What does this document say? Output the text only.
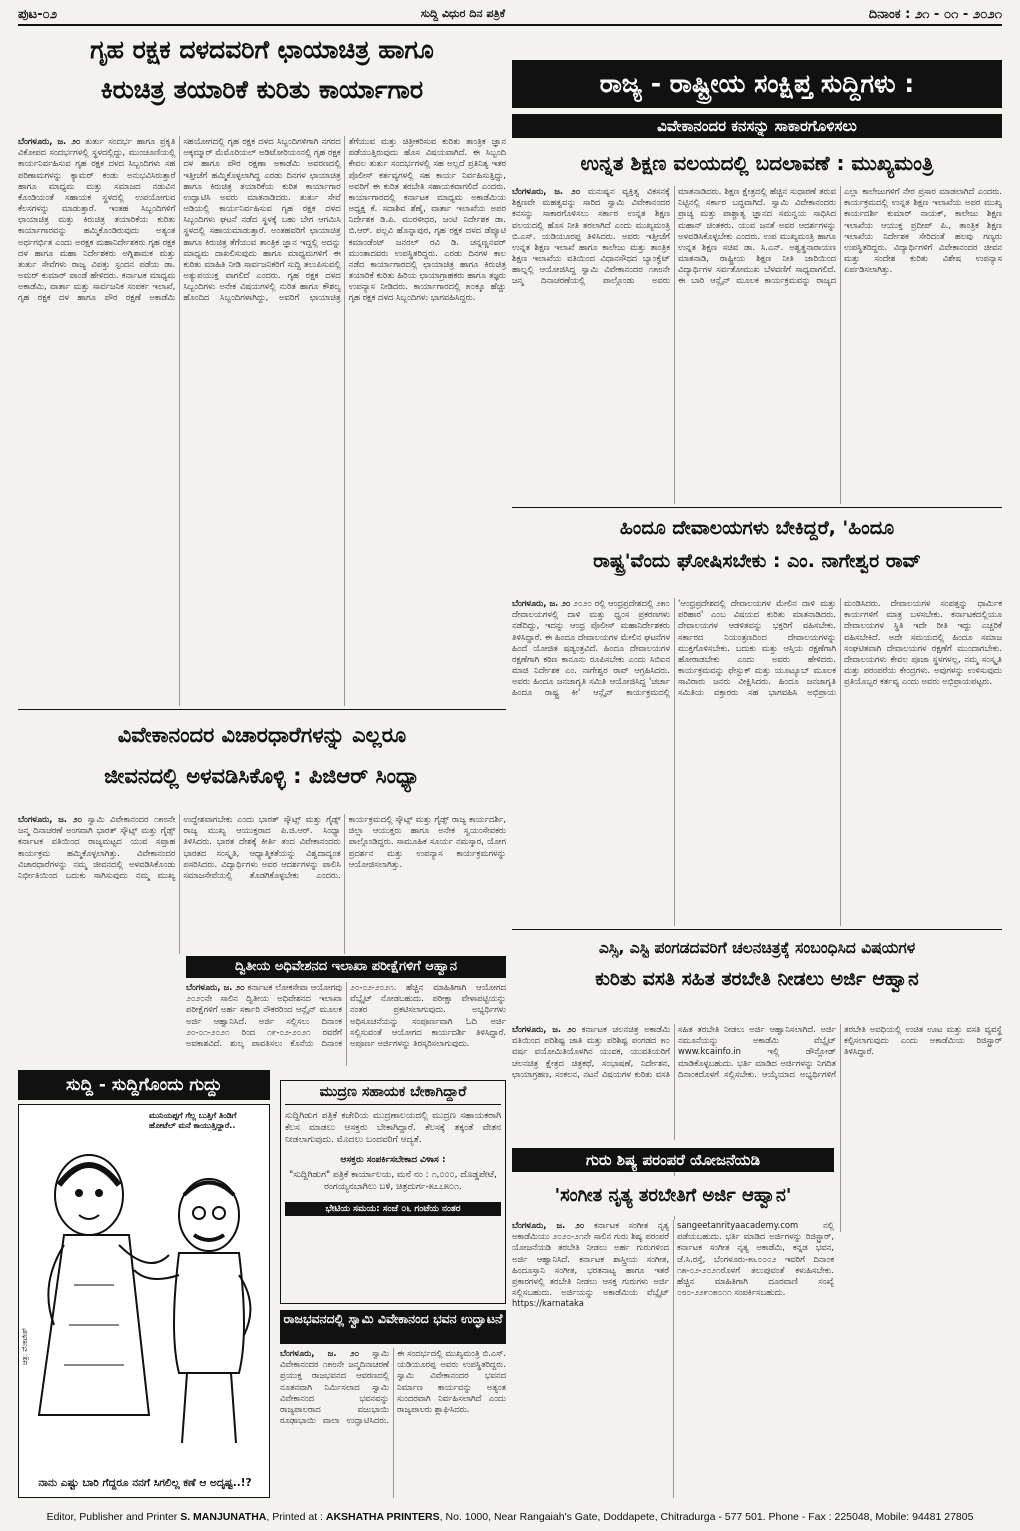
ಪುಟ-೦೨	ಸುದ್ದಿ ವಿಧುರ ದಿನ ಪತ್ರಿಕೆ	ದಿನಾಂಕ : ೨೧ - ೦೧ - ೨೦೨೧
ಗೃಹ ರಕ್ಷಕ ದಳದವರಿಗೆ ಛಾಯಾಚಿತ್ರ ಹಾಗೂ
ಕಿರುಚಿತ್ರ ತಯಾರಿಕೆ ಕುರಿತು ಕಾರ್ಯಾಗಾರ
ಬೆಂಗಳೂರು, ಜ. ೨೦ ತುರ್ತು ಸಂದರ್ಭ ಹಾಗೂ ಪ್ರಕೃತಿ ವಿಕೋಪದ ಸಂದರ್ಭಗಳಲ್ಲಿ ಸ್ಥಳದಲ್ಲಿದ್ದು, ಮುಂಚೂಣಿಯಲ್ಲಿ ಕಾರ್ಯನಿರ್ವಹಿಸುವ ಗೃಹ ರಕ್ಷಕ ದಳದ ಸಿಬ್ಬಂದಿಗಳು ಸಹ ಪರಿಣಾಮಗಳನ್ನು ಕ್ಯಾಮರ್ ಕಂಡು ಅನುಭವಿಸಿರುತ್ತಾರೆ ಹಾಗೂ ಮಾಧ್ಯಮ ಮತ್ತು ಸಮಾಜದ ನಡುವಿನ ಕೊಂಡಿಯಂತೆ ಸಹಾಯಕ ಸ್ಥಳದಲ್ಲಿ ಉಪಯೋಗುವ ಕೆಲಸಗಳನ್ನು ಮಾಡುತ್ತಾರೆ. ಇಂತಹ ಸಿಬ್ಬಂದಿಗಳಿಗೆ ಛಾಯಾಚಿತ್ರ ಮತ್ತು ಕಿರುಚಿತ್ರ ತಯಾರಿಕೆಯ ಕುರಿತು ಕಾರ್ಯಾಗಾರವನ್ನು ಹಮ್ಮಿಕೊಂಡಿರುವುದು ಅತ್ಯಂತ ಅರ್ಥಗರ್ಭಿತ ಎಂದು ಅರಕ್ಷಕ ಮಹಾನಿರ್ದೇಶಕರು ಗೃಹ ರಕ್ಷಕ ದಳ ಹಾಗೂ ಮಹಾ ನಿರ್ದೇಶಕರು ಅಗ್ನಿಶಾಮಕ ಮತ್ತು ತುರ್ತು ಸೇವೆಗಳು ರಾಜ್ಯ ವಿಪತ್ತು ಸ್ಪಂದನ ಪಡೆಯ ಡಾ. ಅಮರ್ ಕುಮಾರ್ ಪಾಂಡೆ ಹೇಳಿದರು. ಕರ್ನಾಟಕ ಮಾಧ್ಯಮ ಅಕಾಡೆಮಿ, ವಾರ್ತಾ ಮತ್ತು ಸಾರ್ವಜನಿಕ ಸಂಪರ್ಕ ಇಲಾಖೆ, ಗೃಹ ರಕ್ಷಕ ದಳ ಹಾಗೂ ಪೌರ ರಕ್ಷಣೆ ಅಕಾಡೆಮಿ ಸಹಯೋಗದಲ್ಲಿ ಗೃಹ ರಕ್ಷಕ ದಳದ ಸಿಬ್ಬಂದಿಗಳಿಗಾಗಿ ನಗರದ ಅಕ್ಕಮ್ಮಾರ್ ಮೆಮೊರಿಯಲ್ ಅಡಿಟೋರಿಯಂನಲ್ಲಿ ಗೃಹ ರಕ್ಷಕ ದಳ ಹಾಗೂ ಪೌರ ರಕ್ಷಣಾ ಅಕಾಡೆಮಿ ಅವರಣದಲ್ಲಿ ಇತ್ತೀಚೆಗೆ ಹಮ್ಮಿಕೊಳ್ಳಲಾಗಿದ್ದ ಎರಡು ದಿನಗಳ ಛಾಯಾಚಿತ್ರ ಹಾಗೂ ಕಿರುಚಿತ್ರ ತಯಾರಿಕೆಯ ಕುರಿತ ಕಾರ್ಯಾಗಾರ ಉದ್ಘಾಟಿಸಿ ಅವರು ಮಾತನಾಡಿದರು. ತುರ್ತು ಸೇವೆ ಅಡಿಯಲ್ಲಿ ಕಾರ್ಯನಿರ್ವಹಿಸುವ ಗೃಹ ರಕ್ಷಕ ದಳದ ಸಿಬ್ಬಂದಿಗಳು ಘಟನೆ ನಡೆದ ಸ್ಥಳಕ್ಕೆ ಬಹು ಬೇಗ ಆಗಮಿಸಿ ಸ್ಥಳದಲ್ಲಿ ಸಹಾಯಮಾಡುತ್ತಾರೆ. ಅಂತಹವರಿಗೆ ಛಾಯಾಚಿತ್ರ ಹಾಗೂ ಕಿರುಚಿತ್ರ ತೆಗೆಯುವ ತಾಂತ್ರಿಕ ಜ್ಞಾನ ಇದ್ದಲ್ಲಿ ಅದನ್ನು ಮಾಧ್ಯಮ ದಾಖಲಿಸುವುದು ಹಾಗೂ ಮಾಧ್ಯಮಗಳಿಗೆ ಈ ಕುರಿತು ಮಾಹಿತಿ ನೀಡಿ ಸಾರ್ವಜನಿಕರಿಗೆ ಸುದ್ದಿ ತಲುಪಿಸುವಲ್ಲಿ ಅತ್ಯುಪಯುಕ್ತ ವಾಗಲಿದೆ ಎಂದರು. ಗೃಹ ರಕ್ಷಕ ದಳದ ಸಿಬ್ಬಂದಿಗಳು ಅನೇಕ ವಿಷಯಗಳಲ್ಲಿ ನುರಿತ ಹಾಗೂ ಕೌಶಲ್ಯ ಹೊಂದಿದ ಸಿಬ್ಬಂದಿಗಳಾಗಿದ್ದು, ಅವರಿಗೆ ಛಾಯಾಚಿತ್ರ ತೆಗೆಯುವ ಮತ್ತು ಚಿತ್ರೀಕರಿಸುವ ಕುರಿತು ತಾಂತ್ರಿಕ ಜ್ಞಾನ ಪಡೆಯುತ್ತಿರುವುದು ಹೊಸ ವಿಷಯವಾಗಿದೆ. ಈ ಸಿಬ್ಬಂದಿ ಕೇವಲ ತುರ್ತು ಸಂದರ್ಭಗಳಲ್ಲಿ ಸಹ ಅಲ್ಲದೆ ಪ್ರತಿನಿತ್ಯ ಇತರ ಪೊಲೀಸ್ ಕರ್ತವ್ಯಗಳಲ್ಲಿ ಸಹ ಕಾರ್ಯ ನಿರ್ವಹಿಸುತ್ತಿದ್ದು, ಅವರಿಗೆ ಈ ಕುರಿತ ತರಬೇತಿ ಸಹಾಯಕವಾಗಲಿದೆ ಎಂದರು. ಕಾರ್ಯಾಗಾರದಲ್ಲಿ ಕರ್ನಾಟಕ ಮಾಧ್ಯಮ ಅಕಾಡೆಮಿಯ ಅಧ್ಯಕ್ಷ ಕೆ. ಸದಾಶಿವ ಶೆಣೈ, ವಾರ್ತಾ ಇಲಾಖೆಯ ಅಪರ ನಿರ್ದೇಶಕ ಡಿ.ಪಿ. ಮುರಳೀಧರ, ಜಂಟಿ ನಿರ್ದೇಶಕ ಡಾ. ಬಿ.ಆರ್. ಪಲ್ಲವಿ ಹೊನ್ನಾಪುರ, ಗೃಹ ರಕ್ಷಕ ದಳದ ಡೆಪ್ಯೂಟಿ ಕಮಾಂಡೆಂಟ್ ಜನರಲ್ ರವಿ ಡಿ. ಚನ್ನಣ್ಣನವರ್ ಮುಂತಾದವರು ಉಪಸ್ಥಿತರಿದ್ದರು. ಎರಡು ದಿನಗಳ ಕಾಲ ನಡೆದ ಕಾರ್ಯಾಗಾರದಲ್ಲಿ ಛಾಯಾಚಿತ್ರ ಹಾಗೂ ಕಿರುಚಿತ್ರ ತಯಾರಿಕೆ ಕುರಿತು ಹಿರಿಯ ಛಾಯಾಗ್ರಾಹಕರು ಹಾಗೂ ತಜ್ಞರು ಉಪನ್ಯಾಸ ನೀಡಿದರು. ಕಾರ್ಯಾಗಾರದಲ್ಲಿ ೫೦ಕ್ಕೂ ಹೆಚ್ಚು ಗೃಹ ರಕ್ಷಕ ದಳದ ಸಿಬ್ಬಂದಿಗಳು ಭಾಗವಹಿಸಿದ್ದರು.
ರಾಜ್ಯ - ರಾಷ್ಟ್ರೀಯ ಸಂಕ್ಷಿಪ್ತ ಸುದ್ದಿಗಳು :
ವಿವೇಕಾನಂದರ ಕನಸನ್ನು ಸಾಕಾರಗೊಳಿಸಲು
ಉನ್ನತ ಶಿಕ್ಷಣ ವಲಯದಲ್ಲಿ ಬದಲಾವಣೆ : ಮುಖ್ಯಮಂತ್ರಿ
ಬೆಂಗಳೂರು, ಜ. ೨೦ ಮನುಷ್ಯನ ವ್ಯಕ್ತಿತ್ವ ವಿಕಸನಕ್ಕೆ ಶಿಕ್ಷಣವೇ ಮಹತ್ವವನ್ನು ಸಾರಿದ ಸ್ವಾಮಿ ವಿವೇಕಾನಂದರ ಕನಸನ್ನು ಸಾಕಾರಗೊಳಿಸಲು ಸರ್ಕಾರ ಉನ್ನತ ಶಿಕ್ಷಣ ವಲಯದಲ್ಲಿ ಹೊಸ ನೀತಿ ತರಲಾಗಿದೆ ಎಂದು ಮುಖ್ಯಮಂತ್ರಿ ಬಿ.ಎಸ್. ಯಡಿಯೂರಪ್ಪ ತಿಳಿಸಿದರು. ಅವರು ಇತ್ತೀಚೆಗೆ ಉನ್ನತ ಶಿಕ್ಷಣ ಇಲಾಖೆ ಹಾಗೂ ಕಾಲೇಜು ಮತ್ತು ತಾಂತ್ರಿಕ ಶಿಕ್ಷಣ ಇಲಾಖೆಯ ವತಿಯಿಂದ ವಿಧಾನಸೌಧದ ಬ್ಯಾಂಕ್ವೆಟ್ ಹಾಲ್ನಲ್ಲಿ ಆಯೋಜಿಸಿದ್ದ ಸ್ವಾಮಿ ವಿವೇಕಾನಂದರ ೧೫೮ನೇ ಜನ್ಮ ದಿನಾಚರಣೆಯಲ್ಲಿ ಪಾಲ್ಗೊಂಡು ಅವರು ಮಾತನಾಡಿದರು. ಶಿಕ್ಷಣ ಕ್ಷೇತ್ರದಲ್ಲಿ ಹೆಚ್ಚಿನ ಸುಧಾರಣೆ ತರುವ ನಿಟ್ಟಿನಲ್ಲಿ ಸರ್ಕಾರ ಬದ್ಧವಾಗಿದೆ. ಸ್ವಾಮಿ ವಿವೇಕಾನಂದರು ಪ್ರಾಚ್ಯ ಮತ್ತು ಪಾಶ್ಚಾತ್ಯ ಜ್ಞಾನದ ಸಮನ್ವಯ ಸಾಧಿಸಿದ ಮಹಾನ್ ಚಿಂತಕರು. ಯುವ ಜನತೆ ಅವರ ಆದರ್ಶಗಳನ್ನು ಅಳವಡಿಸಿಕೊಳ್ಳಬೇಕು ಎಂದರು. ಉಪ ಮುಖ್ಯಮಂತ್ರಿ ಹಾಗೂ ಉನ್ನತ ಶಿಕ್ಷಣ ಸಚಿವ ಡಾ. ಸಿ.ಎನ್. ಅಶ್ವತ್ಥನಾರಾಯಣ ಮಾತನಾಡಿ, ರಾಷ್ಟ್ರೀಯ ಶಿಕ್ಷಣ ನೀತಿ ಜಾರಿಯಿಂದ ವಿದ್ಯಾರ್ಥಿಗಳ ಸರ್ವತೋಮುಖ ಬೆಳವಣಿಗೆ ಸಾಧ್ಯವಾಗಲಿದೆ. ಈ ಬಾರಿ ಆನ್ಲೈನ್ ಮೂಲಕ ಕಾರ್ಯಕ್ರಮವನ್ನು ರಾಜ್ಯದ ಎಲ್ಲಾ ಕಾಲೇಜುಗಳಿಗೆ ನೇರ ಪ್ರಸಾರ ಮಾಡಲಾಗಿದೆ ಎಂದರು. ಕಾರ್ಯಕ್ರಮದಲ್ಲಿ ಉನ್ನತ ಶಿಕ್ಷಣ ಇಲಾಖೆಯ ಅಪರ ಮುಖ್ಯ ಕಾರ್ಯದರ್ಶಿ ಕುಮಾರ್ ನಾಯಕ್, ಕಾಲೇಜು ಶಿಕ್ಷಣ ಇಲಾಖೆಯ ಆಯುಕ್ತ ಪ್ರದೀಪ್ ಪಿ., ತಾಂತ್ರಿಕ ಶಿಕ್ಷಣ ಇಲಾಖೆಯ ನಿರ್ದೇಶಕ ಸೇರಿದಂತೆ ಹಲವು ಗಣ್ಯರು ಉಪಸ್ಥಿತರಿದ್ದರು. ವಿದ್ಯಾರ್ಥಿಗಳಿಗೆ ವಿವೇಕಾನಂದರ ಜೀವನ ಮತ್ತು ಸಂದೇಶ ಕುರಿತು ವಿಶೇಷ ಉಪನ್ಯಾಸ ಏರ್ಪಡಿಸಲಾಗಿತ್ತು.
ಹಿಂದೂ ದೇವಾಲಯಗಳು ಬೇಕಿದ್ದರೆ, 'ಹಿಂದೂ
ರಾಷ್ಟ್ರ'ವೆಂದು ಘೋಷಿಸಬೇಕು : ಎಂ. ನಾಗೇಶ್ವರ ರಾವ್
ಬೆಂಗಳೂರು, ಜ. ೨೦ ೨೦೨೦ ರಲ್ಲಿ ಆಂಧ್ರಪ್ರದೇಶದಲ್ಲಿ ೨೫೦ ದೇವಾಲಯಗಳಲ್ಲಿ ದಾಳಿ ಮತ್ತು ಧ್ವಂಸ ಪ್ರಕರಣಗಳು ನಡೆದಿದ್ದು, ಇದನ್ನು ಆಂಧ್ರ ಪೊಲೀಸ್ ಮಹಾನಿರ್ದೇಶಕರು ತಿಳಿಸಿದ್ದಾರೆ. ಈ ಹಿಂದೂ ದೇವಾಲಯಗಳ ಮೇಲಿನ ಘಟನೆಗಳ ಹಿಂದೆ ಯೋಜಿತ ಷಡ್ಯಂತ್ರವಿದೆ. ಹಿಂದೂ ದೇವಾಲಯಗಳ ರಕ್ಷಣೆಗಾಗಿ ಕಠಿಣ ಕಾನೂನು ರೂಪಿಸಬೇಕು ಎಂದು ಸಿಬಿಐನ ಮಾಜಿ ನಿರ್ದೇಶಕ ಎಂ. ನಾಗೇಶ್ವರ ರಾವ್ ಆಗ್ರಹಿಸಿದರು. ಅವರು ಹಿಂದೂ ಜನಜಾಗೃತಿ ಸಮಿತಿ ಆಯೋಜಿಸಿದ್ದ 'ಚರ್ಚಾ ಹಿಂದೂ ರಾಷ್ಟ್ರ ಕೀ' ಆನ್ಲೈನ್ ಕಾರ್ಯಕ್ರಮದಲ್ಲಿ 'ಆಂಧ್ರಪ್ರದೇಶದಲ್ಲಿ ದೇವಾಲಯಗಳ ಮೇಲಿನ ದಾಳಿ ಮತ್ತು ಪರಿಹಾರ' ಎಂಬ ವಿಷಯದ ಕುರಿತು ಮಾತನಾಡಿದರು. ದೇವಾಲಯಗಳ ಆಡಳಿತವನ್ನು ಭಕ್ತರಿಗೆ ವಹಿಸಬೇಕು. ಸರ್ಕಾರದ ನಿಯಂತ್ರಣದಿಂದ ದೇವಾಲಯಗಳನ್ನು ಮುಕ್ತಗೊಳಿಸಬೇಕು. ಬದುಕು ಮತ್ತು ಆಸ್ತಿಯ ರಕ್ಷಣೆಗಾಗಿ ಹೋರಾಡಬೇಕು ಎಂದು ಅವರು ಹೇಳಿದರು. ಕಾರ್ಯಕ್ರಮವನ್ನು ಫೇಸ್ಬುಕ್ ಮತ್ತು ಯೂಟ್ಯೂಬ್ ಮೂಲಕ ಸಾವಿರಾರು ಜನರು ವೀಕ್ಷಿಸಿದರು. ಹಿಂದೂ ಜನಜಾಗೃತಿ ಸಮಿತಿಯ ವಕ್ತಾರರು ಸಹ ಭಾಗವಹಿಸಿ ಅಭಿಪ್ರಾಯ ಮಂಡಿಸಿದರು. ದೇವಾಲಯಗಳ ಸಂಪತ್ತನ್ನು ಧಾರ್ಮಿಕ ಕಾರ್ಯಗಳಿಗೆ ಮಾತ್ರ ಬಳಸಬೇಕು. ಕರ್ನಾಟಕದಲ್ಲಿಯೂ ದೇವಾಲಯಗಳ ಸ್ಥಿತಿ ಇದೇ ರೀತಿ ಇದ್ದು ಎಚ್ಚರಿಕೆ ವಹಿಸಬೇಕಿದೆ. ಅದೇ ಸಮಯದಲ್ಲಿ ಹಿಂದೂ ಸಮಾಜ ಸಂಘಟಿತವಾಗಿ ದೇವಾಲಯಗಳ ರಕ್ಷಣೆಗೆ ಮುಂದಾಗಬೇಕು. ದೇವಾಲಯಗಳು ಕೇವಲ ಪೂಜಾ ಸ್ಥಳಗಳಲ್ಲ, ನಮ್ಮ ಸಂಸ್ಕೃತಿ ಮತ್ತು ಪರಂಪರೆಯ ಕೇಂದ್ರಗಳು. ಅವುಗಳನ್ನು ಉಳಿಸುವುದು ಪ್ರತಿಯೊಬ್ಬರ ಕರ್ತವ್ಯ ಎಂದು ಅವರು ಅಭಿಪ್ರಾಯಪಟ್ಟರು.
ವಿವೇಕಾನಂದರ ವಿಚಾರಧಾರೆಗಳನ್ನು ಎಲ್ಲರೂ
ಜೀವನದಲ್ಲಿ ಅಳವಡಿಸಿಕೊಳ್ಳಿ : ಪಿಜಿಆರ್ ಸಿಂಧ್ಯಾ
ಬೆಂಗಳೂರು, ಜ. ೨೦ ಸ್ವಾಮಿ ವಿವೇಕಾನಂದರ ೧೫೮ನೇ ಜನ್ಮ ದಿನಾಚರಣೆ ಅಂಗವಾಗಿ ಭಾರತ್ ಸ್ಕೌಟ್ಸ್ ಮತ್ತು ಗೈಡ್ಸ್ ಕರ್ನಾಟಕ ವತಿಯಿಂದ ರಾಜ್ಯಮಟ್ಟದ ಯುವ ಸಪ್ತಾಹ ಕಾರ್ಯಕ್ರಮ ಹಮ್ಮಿಕೊಳ್ಳಲಾಗಿತ್ತು. ವಿವೇಕಾನಂದರ ವಿಚಾರಧಾರೆಗಳನ್ನು ನಮ್ಮ ಜೀವನದಲ್ಲಿ ಅಳವಡಿಸಿಕೊಂಡು ನಿರ್ಭೀತಿಯಿಂದ ಬದುಕು ಸಾಗಿಸುವುದು ನಮ್ಮ ಮುಖ್ಯ ಉದ್ದೇಶವಾಗಬೇಕು ಎಂದು ಭಾರತ್ ಸ್ಕೌಟ್ಸ್ ಮತ್ತು ಗೈಡ್ಸ್ ರಾಜ್ಯ ಮುಖ್ಯ ಆಯುಕ್ತರಾದ ಪಿ.ಜಿ.ಆರ್. ಸಿಂಧ್ಯಾ ತಿಳಿಸಿದರು. ಭಾರತ ದೇಶಕ್ಕೆ ಕೀರ್ತಿ ತಂದ ವಿವೇಕಾನಂದರು ಭಾರತದ ಸಂಸ್ಕೃತಿ, ಆಧ್ಯಾತ್ಮಿಕತೆಯನ್ನು ವಿಶ್ವದಾದ್ಯಂತ ಪಸರಿಸಿದರು. ವಿದ್ಯಾರ್ಥಿಗಳು ಅವರ ಆದರ್ಶಗಳನ್ನು ಪಾಲಿಸಿ ಸಮಾಜಸೇವೆಯಲ್ಲಿ ತೊಡಗಿಕೊಳ್ಳಬೇಕು ಎಂದರು. ಕಾರ್ಯಕ್ರಮದಲ್ಲಿ ಸ್ಕೌಟ್ಸ್ ಮತ್ತು ಗೈಡ್ಸ್ ರಾಜ್ಯ ಕಾರ್ಯದರ್ಶಿ, ಜಿಲ್ಲಾ ಆಯುಕ್ತರು ಹಾಗೂ ಅನೇಕ ಸ್ವಯಂಸೇವಕರು ಪಾಲ್ಗೊಂಡಿದ್ದರು. ಸಾಮೂಹಿಕ ಸೂರ್ಯ ನಮಸ್ಕಾರ, ಯೋಗ ಪ್ರದರ್ಶನ ಮತ್ತು ಉಪನ್ಯಾಸ ಕಾರ್ಯಕ್ರಮಗಳನ್ನು ಆಯೋಜಿಸಲಾಗಿತ್ತು.
ದ್ವಿತೀಯ ಅಧಿವೇಶನದ ಇಲಾಖಾ ಪರೀಕ್ಷೆಗಳಿಗೆ ಆಹ್ವಾನ
ಬೆಂಗಳೂರು, ಜ. ೨೦ ಕರ್ನಾಟಕ ಲೋಕಸೇವಾ ಆಯೋಗವು ೨೦೨೦ನೇ ಸಾಲಿನ ದ್ವಿತೀಯ ಅಧಿವೇಶನದ ಇಲಾಖಾ ಪರೀಕ್ಷೆಗಳಿಗೆ ಅರ್ಹ ಸರ್ಕಾರಿ ನೌಕರರಿಂದ ಆನ್ಲೈನ್ ಮೂಲಕ ಅರ್ಜಿ ಆಹ್ವಾನಿಸಿದೆ. ಅರ್ಜಿ ಸಲ್ಲಿಸಲು ದಿನಾಂಕ ೨೦-೦೧-೨೦೨೧ ರಿಂದ ೧೯-೦೨-೨೦೨೧ ರವರೆಗೆ ಅವಕಾಶವಿದೆ. ಶುಲ್ಕ ಪಾವತಿಸಲು ಕೊನೆಯ ದಿನಾಂಕ ೨೦-೦೨-೨೦೨೧. ಹೆಚ್ಚಿನ ಮಾಹಿತಿಗಾಗಿ ಆಯೋಗದ ವೆಬ್ಸೈಟ್ ನೋಡಬಹುದು. ಪರೀಕ್ಷಾ ವೇಳಾಪಟ್ಟಿಯನ್ನು ನಂತರ ಪ್ರಕಟಿಸಲಾಗುವುದು. ಅಭ್ಯರ್ಥಿಗಳು ಅಧಿಸೂಚನೆಯನ್ನು ಸಂಪೂರ್ಣವಾಗಿ ಓದಿ ಅರ್ಜಿ ಸಲ್ಲಿಸುವಂತೆ ಆಯೋಗದ ಕಾರ್ಯದರ್ಶಿ ತಿಳಿಸಿದ್ದಾರೆ. ಅಪೂರ್ಣ ಅರ್ಜಿಗಳನ್ನು ತಿರಸ್ಕರಿಸಲಾಗುವುದು.
ಸುದ್ದಿ - ಸುದ್ದಿಗೊಂದು ಗುದ್ದು
ಮುನಿಯಪ್ಪಗೆ ಗೆಲ್ಲ ಬುತ್ತಿಗೆ ತಿಂಡಿಗೆ ಹೋಟೆಲ್ ಮನೆ ಕಾಯುತ್ತಿದ್ದಾರೆ..
ನಾನು ಎಷ್ಟು ಬಾರಿ ಗೆದ್ದರೂ ನನಗೆ ಸಿಗಲಿಲ್ಲ ಕಣೆ ಆ ಅದೃಷ್ಟ..!?
ಚಿತ್ರ: ವೆಂಕಟೇಶ್
ಮುದ್ರಣ ಸಹಾಯಕ ಬೇಕಾಗಿದ್ದಾರೆ
ಸುದ್ದಿಗಿಡುಗ ಪತ್ರಿಕೆ ಕಚೇರಿಯ ಮುದ್ರಣಾಲಯದಲ್ಲಿ ಮುದ್ರಣ ಸಹಾಯಕರಾಗಿ ಕೆಲಸ ಮಾಡಲು ಆಸಕ್ತರು ಬೇಕಾಗಿದ್ದಾರೆ. ಕೆಲಸಕ್ಕೆ ತಕ್ಕಂತೆ ವೇತನ ನೀಡಲಾಗುವುದು. ಮೊದಲು ಬಂದವರಿಗೆ ಆದ್ಯತೆ.
ಆಸಕ್ತರು ಸಂಪರ್ಕಿಸಬೇಕಾದ ವಿಳಾಸ :
"ಸುದ್ದಿಗಿಡುಗ" ಪತ್ರಿಕೆ ಕಾರ್ಯಾಲಯ, ಮನೆ ನಂ : ೧,೦೦೦, ದೊಡ್ಡಪೇಟೆ, ರಂಗಯ್ಯನಬಾಗಿಲು ಬಳಿ, ಚಿತ್ರದುರ್ಗ-೫೭೭೫೦೧.
ಭೇಟಿಯ ಸಮಯ: ಸಂಜೆ ೦೬ ಗಂಟೆಯ ನಂತರ
ರಾಜಭವನದಲ್ಲಿ ಸ್ವಾಮಿ ವಿವೇಕಾನಂದ ಭವನ ಉದ್ಘಾಟನೆ
ಬೆಂಗಳೂರು, ಜ. ೨೦ ಸ್ವಾಮಿ ವಿವೇಕಾನಂದರ ೧೫೮ನೇ ಜನ್ಮದಿನಾಚರಣೆ ಪ್ರಯುಕ್ತ ರಾಜಭವನದ ಆವರಣದಲ್ಲಿ ನೂತನವಾಗಿ ನಿರ್ಮಿಸಲಾದ ಸ್ವಾಮಿ ವಿವೇಕಾನಂದ ಭವನವನ್ನು ರಾಜ್ಯಪಾಲರಾದ ವಜುಭಾಯಿ ರೂಢಾಭಾಯಿ ವಾಲಾ ಉದ್ಘಾಟಿಸಿದರು. ಈ ಸಂದರ್ಭದಲ್ಲಿ ಮುಖ್ಯಮಂತ್ರಿ ಬಿ.ಎಸ್. ಯಡಿಯೂರಪ್ಪ ಅವರು ಉಪಸ್ಥಿತರಿದ್ದರು. ಸ್ವಾಮಿ ವಿವೇಕಾನಂದರ ಭವನದ ನಿರ್ಮಾಣ ಕಾರ್ಯವನ್ನು ಅತ್ಯಂತ ಸುಂದರವಾಗಿ ನಿರ್ವಹಿಸಲಾಗಿದೆ ಎಂದು ರಾಜ್ಯಪಾಲರು ಶ್ಲಾಘಿಸಿದರು.
ಎಸ್ಸಿ, ಎಸ್ಟಿ ಪಂಗಡದವರಿಗೆ ಚಲನಚಿತ್ರಕ್ಕೆ ಸಂಬಂಧಿಸಿದ ವಿಷಯಗಳ
ಕುರಿತು ವಸತಿ ಸಹಿತ ತರಬೇತಿ ನೀಡಲು ಅರ್ಜಿ ಆಹ್ವಾನ
ಬೆಂಗಳೂರು, ಜ. ೨೦ ಕರ್ನಾಟಕ ಚಲನಚಿತ್ರ ಅಕಾಡೆಮಿ ವತಿಯಿಂದ ಪರಿಶಿಷ್ಟ ಜಾತಿ ಮತ್ತು ಪರಿಶಿಷ್ಟ ಪಂಗಡದ ೫೦ ವರ್ಷ ವಯೋಮಿತಿಯೊಳಗಿನ ಯುವಕ, ಯುವತಿಯರಿಗೆ ಚಲನಚಿತ್ರ ಕ್ಷೇತ್ರದ ಚಿತ್ರಕಥೆ, ಸಂಭಾಷಣೆ, ನಿರ್ದೇಶನ, ಛಾಯಾಗ್ರಹಣ, ಸಂಕಲನ, ನಟನೆ ವಿಷಯಗಳ ಕುರಿತು ವಸತಿ ಸಹಿತ ತರಬೇತಿ ನೀಡಲು ಅರ್ಜಿ ಆಹ್ವಾನಿಸಲಾಗಿದೆ. ಅರ್ಜಿ ನಮೂನೆಯನ್ನು ಅಕಾಡೆಮಿ ವೆಬ್ಸೈಟ್ www.kcainfo.in ಇಲ್ಲಿ ಡೌನ್ಲೋಡ್ ಮಾಡಿಕೊಳ್ಳಬಹುದು. ಭರ್ತಿ ಮಾಡಿದ ಅರ್ಜಿಗಳನ್ನು ನಿಗದಿತ ದಿನಾಂಕದೊಳಗೆ ಸಲ್ಲಿಸಬೇಕು. ಆಯ್ಕೆಯಾದ ಅಭ್ಯರ್ಥಿಗಳಿಗೆ ತರಬೇತಿ ಅವಧಿಯಲ್ಲಿ ಉಚಿತ ಊಟ ಮತ್ತು ವಸತಿ ವ್ಯವಸ್ಥೆ ಕಲ್ಪಿಸಲಾಗುವುದು ಎಂದು ಅಕಾಡೆಮಿಯ ರಿಜಿಸ್ಟ್ರಾರ್ ತಿಳಿಸಿದ್ದಾರೆ.
ಗುರು ಶಿಷ್ಯ ಪರಂಪರೆ ಯೋಜನೆಯಡಿ
'ಸಂಗೀತ ನೃತ್ಯ ತರಬೇತಿಗೆ ಅರ್ಜಿ ಆಹ್ವಾನ'
ಬೆಂಗಳೂರು, ಜ. ೨೦ ಕರ್ನಾಟಕ ಸಂಗೀತ ನೃತ್ಯ ಅಕಾಡೆಮಿಯು ೨೦೨೦-೨೧ನೇ ಸಾಲಿನ ಗುರು ಶಿಷ್ಯ ಪರಂಪರೆ ಯೋಜನೆಯಡಿ ತರಬೇತಿ ನೀಡಲು ಅರ್ಹ ಗುರುಗಳಿಂದ ಅರ್ಜಿ ಆಹ್ವಾನಿಸಿದೆ. ಕರ್ನಾಟಕ ಶಾಸ್ತ್ರೀಯ ಸಂಗೀತ, ಹಿಂದೂಸ್ತಾನಿ ಸಂಗೀತ, ಭರತನಾಟ್ಯ ಹಾಗೂ ಇತರೆ ಪ್ರಕಾರಗಳಲ್ಲಿ ತರಬೇತಿ ನೀಡಲು ಆಸಕ್ತ ಗುರುಗಳು ಅರ್ಜಿ ಸಲ್ಲಿಸಬಹುದು. ಅರ್ಜಿಯನ್ನು ಅಕಾಡೆಮಿಯ ವೆಬ್ಸೈಟ್ https://karnataka sangeetanrityaacademy.com ನಲ್ಲಿ ಪಡೆಯಬಹುದು. ಭರ್ತಿ ಮಾಡಿದ ಅರ್ಜಿಗಳನ್ನು ರಿಜಿಸ್ಟ್ರಾರ್, ಕರ್ನಾಟಕ ಸಂಗೀತ ನೃತ್ಯ ಅಕಾಡೆಮಿ, ಕನ್ನಡ ಭವನ, ಜೆ.ಸಿ.ರಸ್ತೆ, ಬೆಂಗಳೂರು-೫೬೦೦೦೨ ಇವರಿಗೆ ದಿನಾಂಕ ೧೫-೦೨-೨೦೨೧ರೊಳಗೆ ತಲುಪುವಂತೆ ಕಳುಹಿಸಬೇಕು. ಹೆಚ್ಚಿನ ಮಾಹಿತಿಗಾಗಿ ದೂರವಾಣಿ ಸಂಖ್ಯೆ ೦೮೦-೨೨೯೧೫೦೧೧ ಸಂಪರ್ಕಿಸಬಹುದು.
Editor, Publisher and Printer S. MANJUNATHA, Printed at : AKSHATHA PRINTERS, No. 1000, Near Rangaiah's Gate, Doddapete, Chitradurga - 577 501. Phone - Fax : 225048, Mobile: 94481 27805
